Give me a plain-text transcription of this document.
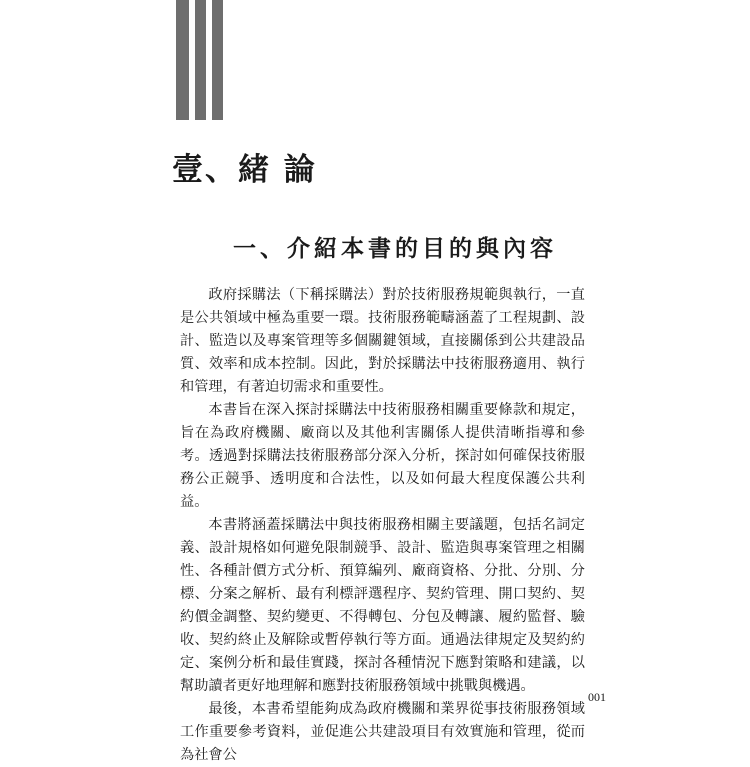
壹、緒 論
一、介紹本書的目的與內容

政府採購法（下稱採購法）對於技術服務規範與執行，一直是公共領域中極為重要一環。技術服務範疇涵蓋了工程規劃、設計、監造以及專案管理等多個關鍵領域，直接關係到公共建設品質、效率和成本控制。因此，對於採購法中技術服務適用、執行和管理，有著迫切需求和重要性。

本書旨在深入探討採購法中技術服務相關重要條款和規定，旨在為政府機關、廠商以及其他利害關係人提供清晰指導和參考。透過對採購法技術服務部分深入分析，探討如何確保技術服務公正競爭、透明度和合法性，以及如何最大程度保護公共利益。

本書將涵蓋採購法中與技術服務相關主要議題，包括名詞定義、設計規格如何避免限制競爭、設計、監造與專案管理之相關性、各種計價方式分析、預算編列、廠商資格、分批、分別、分標、分案之解析、最有利標評選程序、契約管理、開口契約、契約價金調整、契約變更、不得轉包、分包及轉讓、履約監督、驗收、契約終止及解除或暫停執行等方面。通過法律規定及契約約定、案例分析和最佳實踐，探討各種情況下應對策略和建議，以幫助讀者更好地理解和應對技術服務領域中挑戰與機遇。

最後，本書希望能夠成為政府機關和業界從事技術服務領域工作重要參考資料，並促進公共建設項目有效實施和管理，從而為社會公

001
